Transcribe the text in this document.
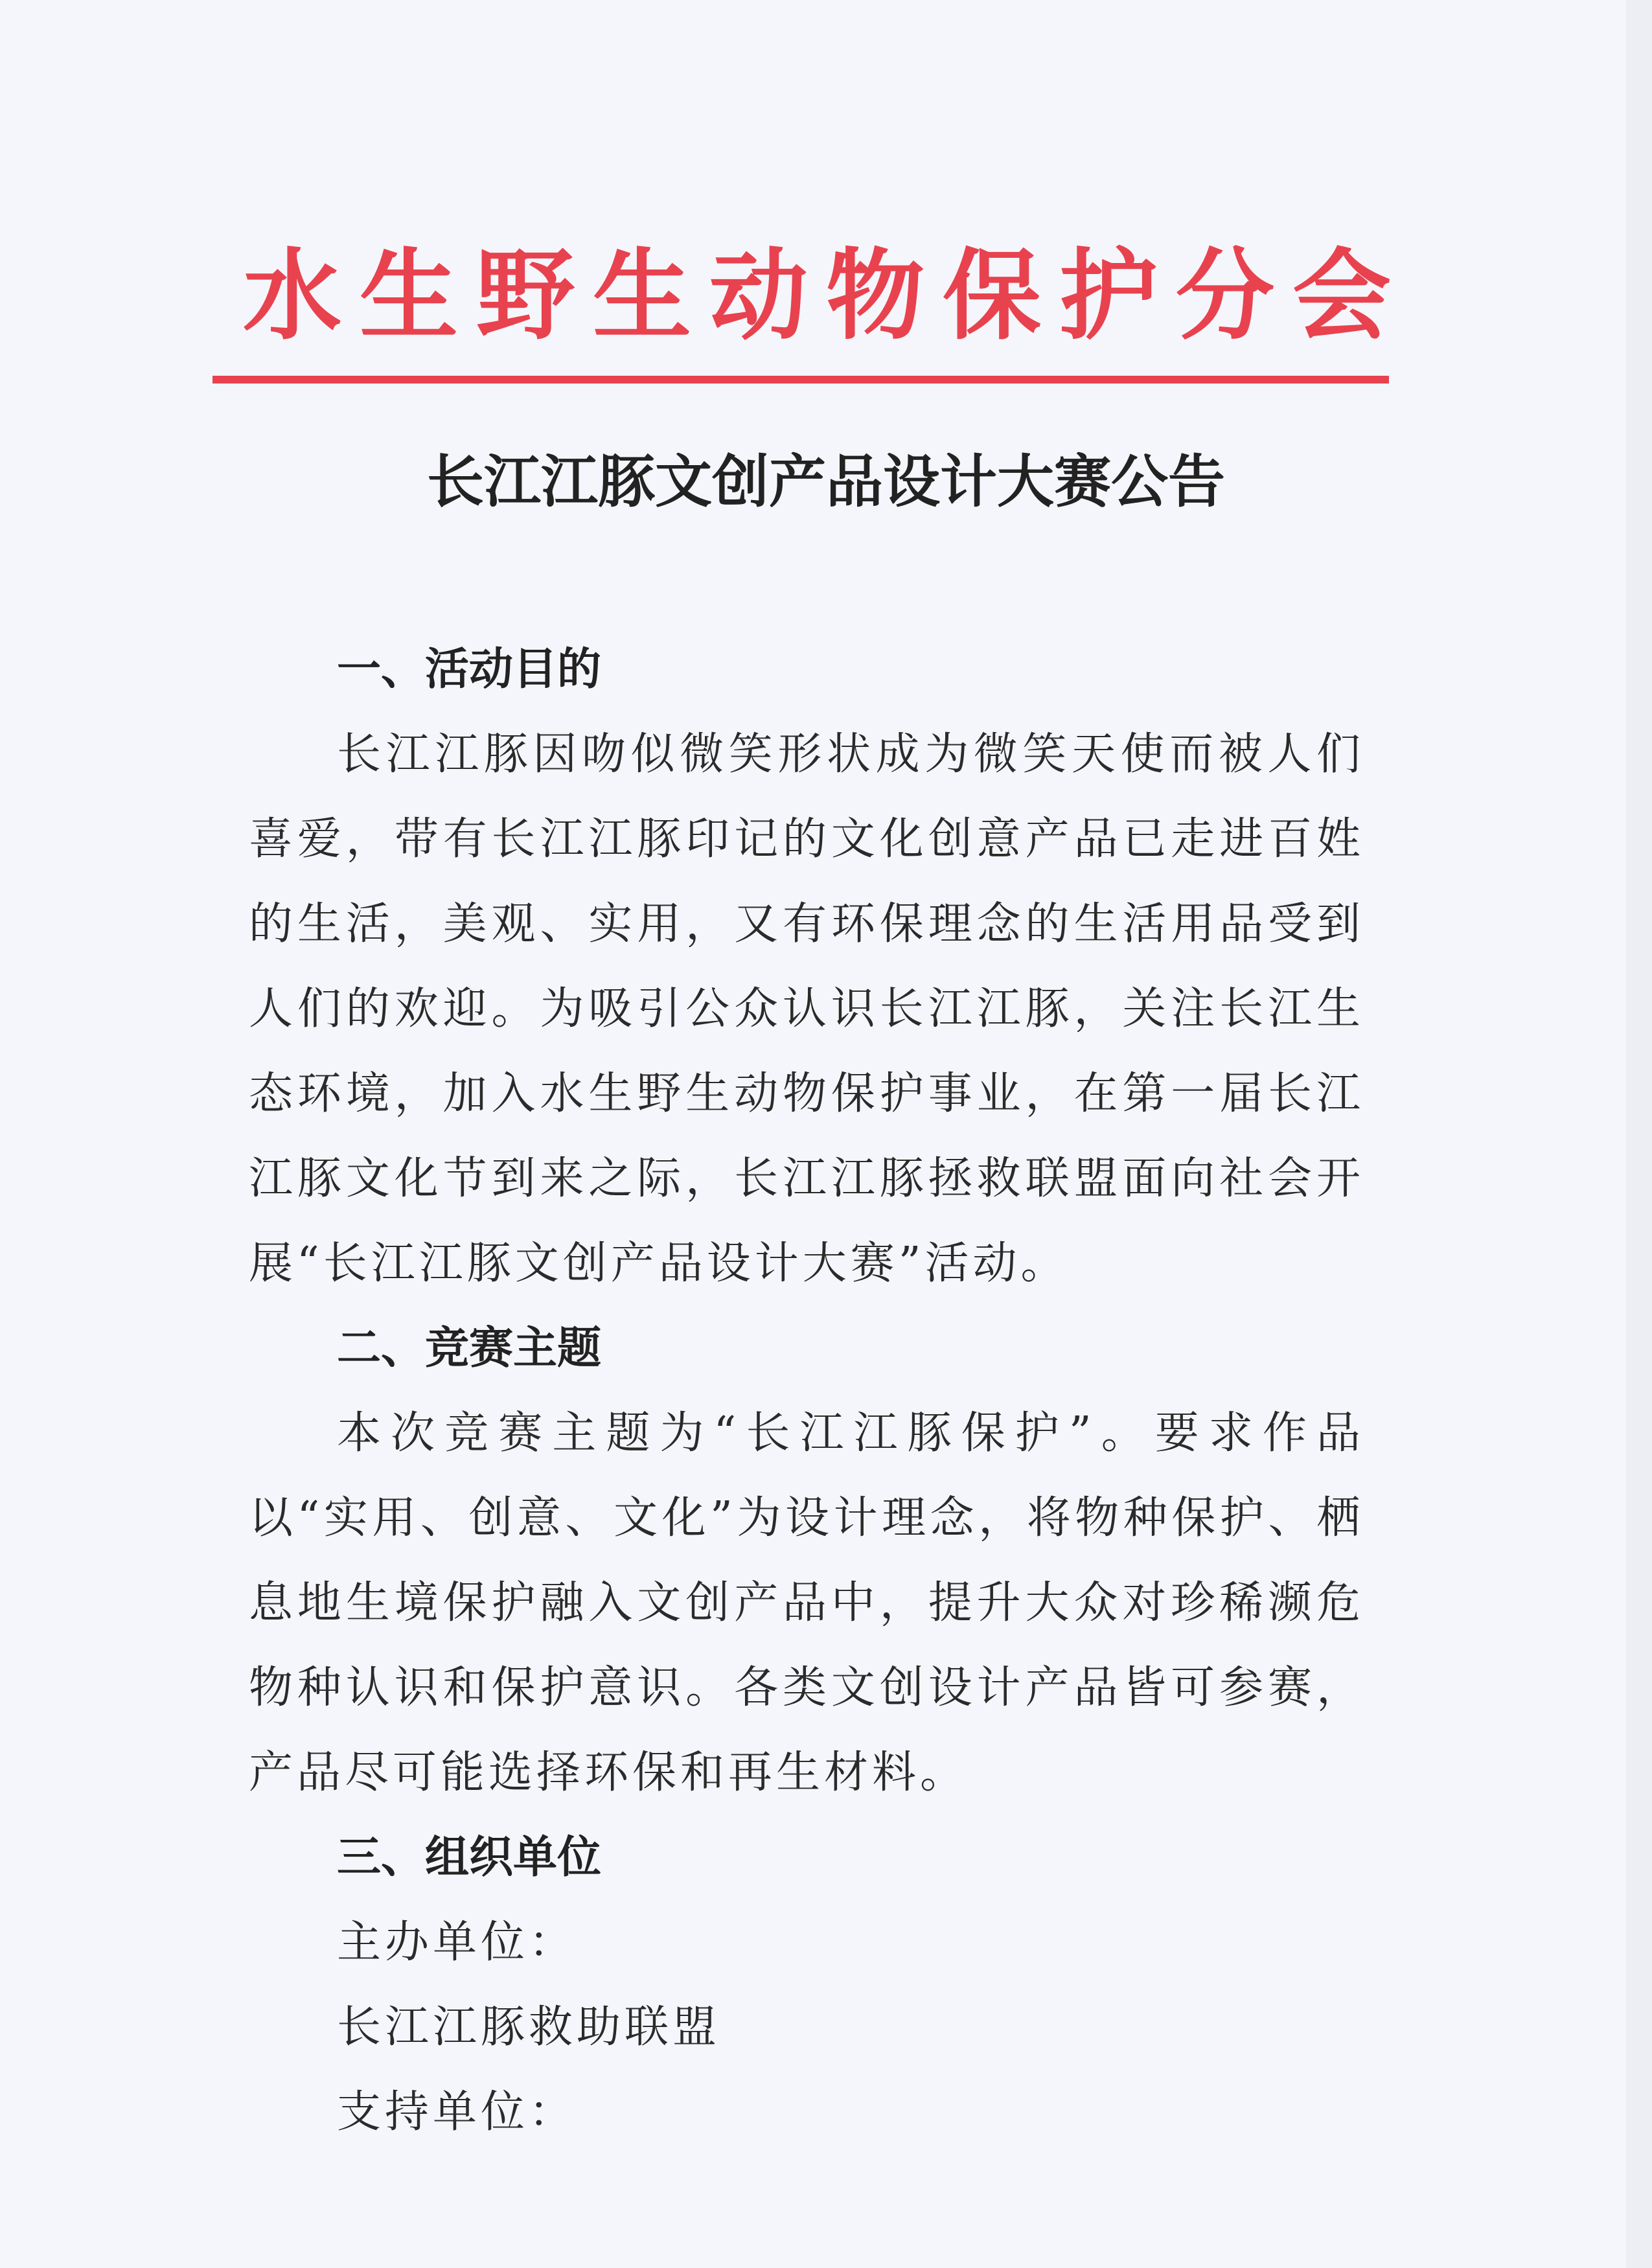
水生野生动物保护分会
长江江豚文创产品设计大赛公告
一、活动目的

长江江豚因吻似微笑形状成为微笑天使而被人们喜爱，带有长江江豚印记的文化创意产品已走进百姓的生活，美观、实用，又有环保理念的生活用品受到人们的欢迎。为吸引公众认识长江江豚，关注长江生态环境，加入水生野生动物保护事业，在第一届长江江豚文化节到来之际，长江江豚拯救联盟面向社会开展“长江江豚文创产品设计大赛”活动。

二、竞赛主题

本次竞赛主题为“长江江豚保护”。要求作品以“实用、创意、文化”为设计理念，将物种保护、栖息地生境保护融入文创产品中，提升大众对珍稀濒危物种认识和保护意识。各类文创设计产品皆可参赛，产品尽可能选择环保和再生材料。

三、组织单位

主办单位：

长江江豚救助联盟

支持单位：
